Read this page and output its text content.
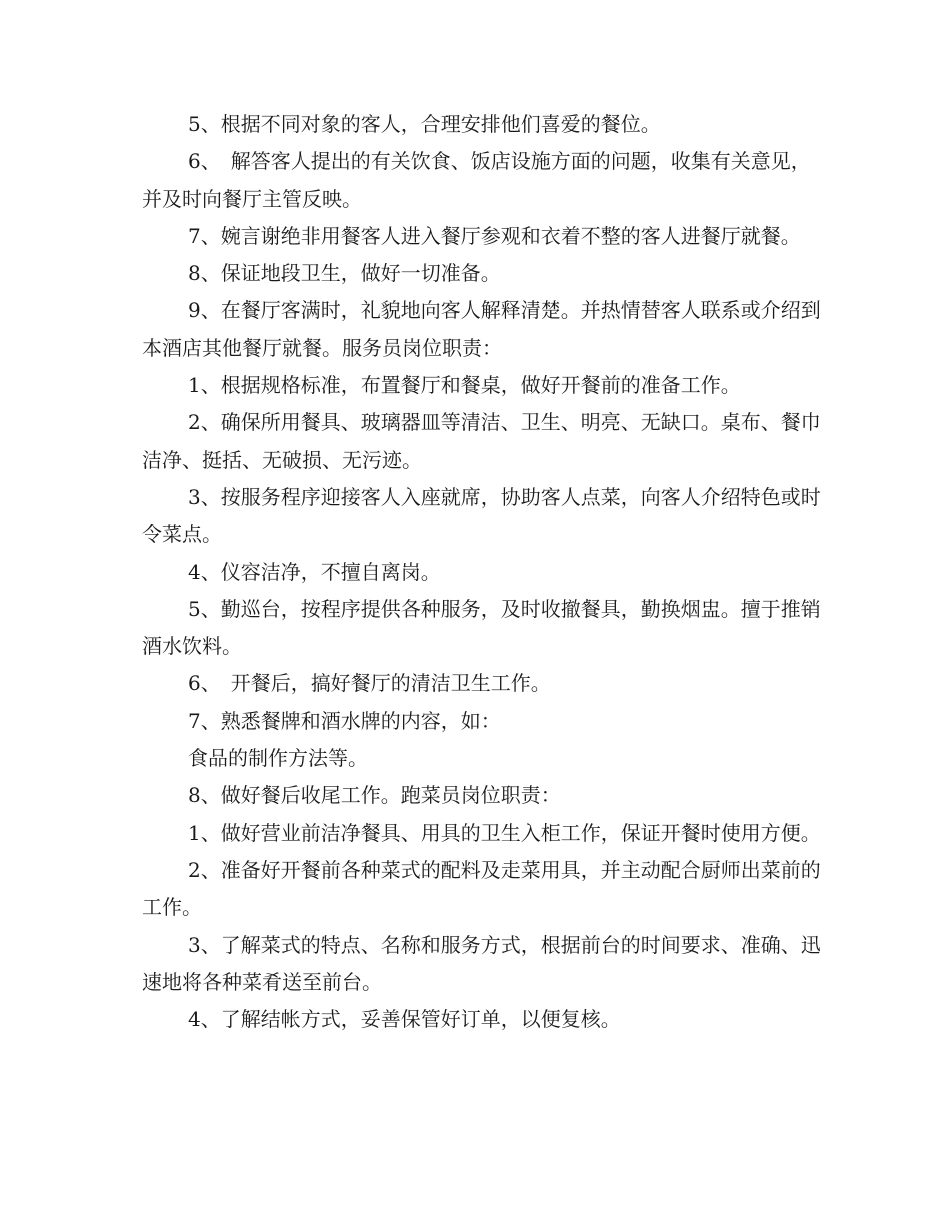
5、根据不同对象的客人，合理安排他们喜爱的餐位。

6、　解答客人提出的有关饮食、饭店设施方面的问题，收集有关意见，并及时向餐厅主管反映。

7、婉言谢绝非用餐客人进入餐厅参观和衣着不整的客人进餐厅就餐。

8、保证地段卫生，做好一切准备。

9、在餐厅客满时，礼貌地向客人解释清楚。并热情替客人联系或介绍到本酒店其他餐厅就餐。服务员岗位职责：

1、根据规格标准，布置餐厅和餐桌，做好开餐前的准备工作。

2、确保所用餐具、玻璃器皿等清洁、卫生、明亮、无缺口。桌布、餐巾洁净、挺括、无破损、无污迹。

3、按服务程序迎接客人入座就席，协助客人点菜，向客人介绍特色或时令菜点。

4、仪容洁净，不擅自离岗。

5、勤巡台，按程序提供各种服务，及时收撤餐具，勤换烟盅。擅于推销酒水饮料。

6、　开餐后，搞好餐厅的清洁卫生工作。

7、熟悉餐牌和酒水牌的内容，如：

食品的制作方法等。

8、做好餐后收尾工作。跑菜员岗位职责：

1、做好营业前洁净餐具、用具的卫生入柜工作，保证开餐时使用方便。

2、准备好开餐前各种菜式的配料及走菜用具，并主动配合厨师出菜前的工作。

3、了解菜式的特点、名称和服务方式，根据前台的时间要求、准确、迅速地将各种菜肴送至前台。

4、了解结帐方式，妥善保管好订单，以便复核。
